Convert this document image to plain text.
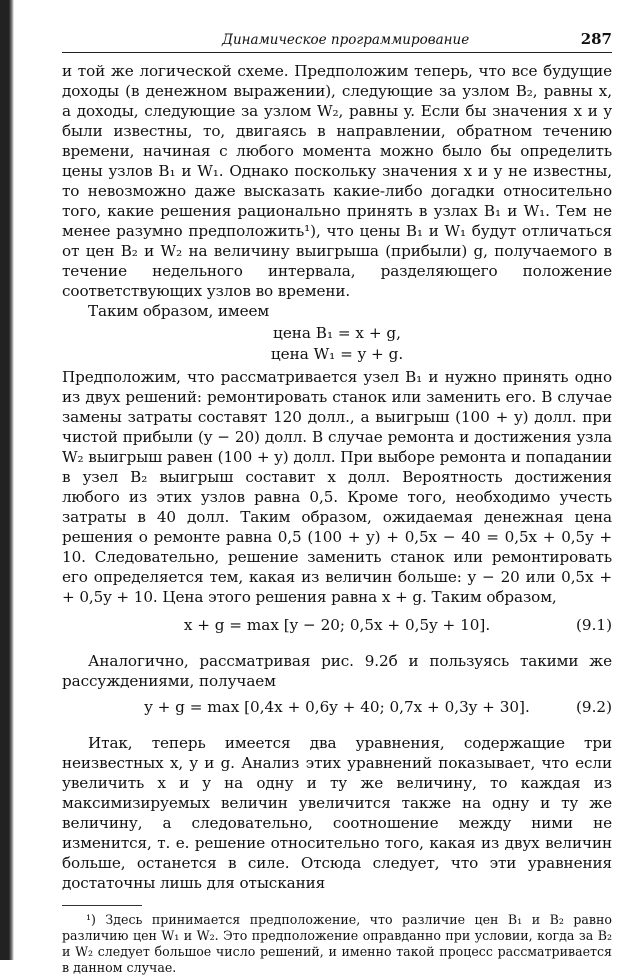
Динамическое программирование	287

и той же логической схеме. Предположим теперь, что все будущие доходы (в денежном выражении), следующие за узлом B₂, равны x, а доходы, следующие за узлом W₂, равны y. Если бы значения x и y были известны, то, двигаясь в направлении, обратном течению времени, начиная с любого момента можно было бы определить цены узлов B₁ и W₁. Однако поскольку значения x и y не известны, то невозможно даже высказать какие-либо догадки относительно того, какие решения рационально принять в узлах B₁ и W₁. Тем не менее разумно предположить¹), что цены B₁ и W₁ будут отличаться от цен B₂ и W₂ на величину выигрыша (прибыли) g, получаемого в течение недельного интервала, разделяющего положение соответствующих узлов во времени.

Таким образом, имеем

цена B₁ = x + g,
цена W₁ = y + g.

Предположим, что рассматривается узел B₁ и нужно принять одно из двух решений: ремонтировать станок или заменить его. В случае замены затраты составят 120 долл., а выигрыш (100 + y) долл. при чистой прибыли (y − 20) долл. В случае ремонта и достижения узла W₂ выигрыш равен (100 + y) долл. При выборе ремонта и попадании в узел B₂ выигрыш составит x долл. Вероятность достижения любого из этих узлов равна 0,5. Кроме того, необходимо учесть затраты в 40 долл. Таким образом, ожидаемая денежная цена решения о ремонте равна 0,5 (100 + y) + 0,5x − 40 = 0,5x + 0,5y + 10. Следовательно, решение заменить станок или ремонтировать его определяется тем, какая из величин больше: y − 20 или 0,5x + + 0,5y + 10. Цена этого решения равна x + g. Таким образом,

x + g = max [y − 20; 0,5x + 0,5y + 10].	(9.1)

Аналогично, рассматривая рис. 9.2б и пользуясь такими же рассуждениями, получаем

y + g = max [0,4x + 0,6y + 40; 0,7x + 0,3y + 30].	(9.2)

Итак, теперь имеется два уравнения, содержащие три неизвестных x, y и g. Анализ этих уравнений показывает, что если увеличить x и y на одну и ту же величину, то каждая из максимизируемых величин увеличится также на одну и ту же величину, а следовательно, соотношение между ними не изменится, т. е. решение относительно того, какая из двух величин больше, останется в силе. Отсюда следует, что эти уравнения достаточны лишь для отыскания

¹) Здесь принимается предположение, что различие цен B₁ и B₂ равно различию цен W₁ и W₂. Это предположение оправданно при условии, когда за B₂ и W₂ следует большое число решений, и именно такой процесс рассматривается в данном случае.
